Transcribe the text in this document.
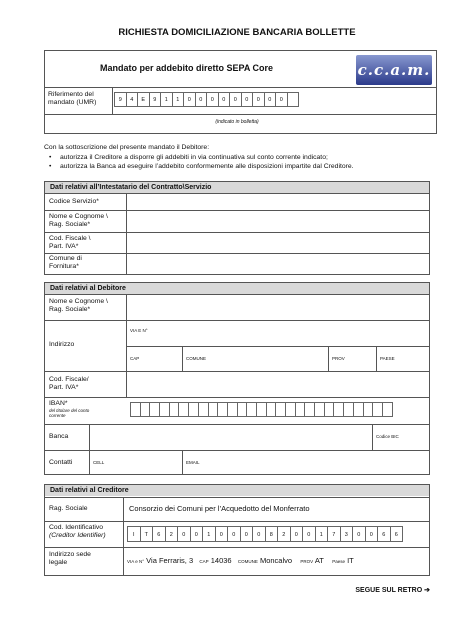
RICHIESTA DOMICILIAZIONE BANCARIA BOLLETTE
Mandato per addebito diretto SEPA Core	c.c.a.m.
Riferimento del
mandato (UMR)	9	4	E	9	1	1	0	0	0	0	0	0	0	0	0
(indicato in bolletta)
Con la sottoscrizione del presente mandato il Debitore:
• autorizza il Creditore a disporre gli addebiti in via continuativa sul conto corrente indicato;
• autorizza la Banca ad eseguire l’addebito conformemente alle disposizioni impartite dal Creditore.
Dati relativi all’Intestatario del Contratto\Servizio
Codice Servizio*
Nome e Cognome \
Rag. Sociale*
Cod. Fiscale \
Part. IVA*
Comune di
Fornitura*
Dati relativi al Debitore
Nome e Cognome \
Rag. Sociale*
Indirizzo
VIA E N°
CAP	COMUNE	PROV	PAESE
Cod. Fiscale/
Part. IVA*
IBAN*
del titolare del conto
corrente
Banca	Codice BIC
Contatti	CELL	EMAIL
Dati relativi al Creditore
Rag. Sociale	Consorzio dei Comuni per l’Acquedotto del Monferrato
Cod. Identificativo
(Creditor Identifier)	I	T	6	2	0	0	1	0	0	0	0	8	2	0	0	1	7	3	0	0	6	6
Indirizzo sede
legale	VIA e N° Via Ferraris, 3 CAP 14036 COMUNE Moncalvo PROV AT Paese IT
SEGUE SUL RETRO ➔
